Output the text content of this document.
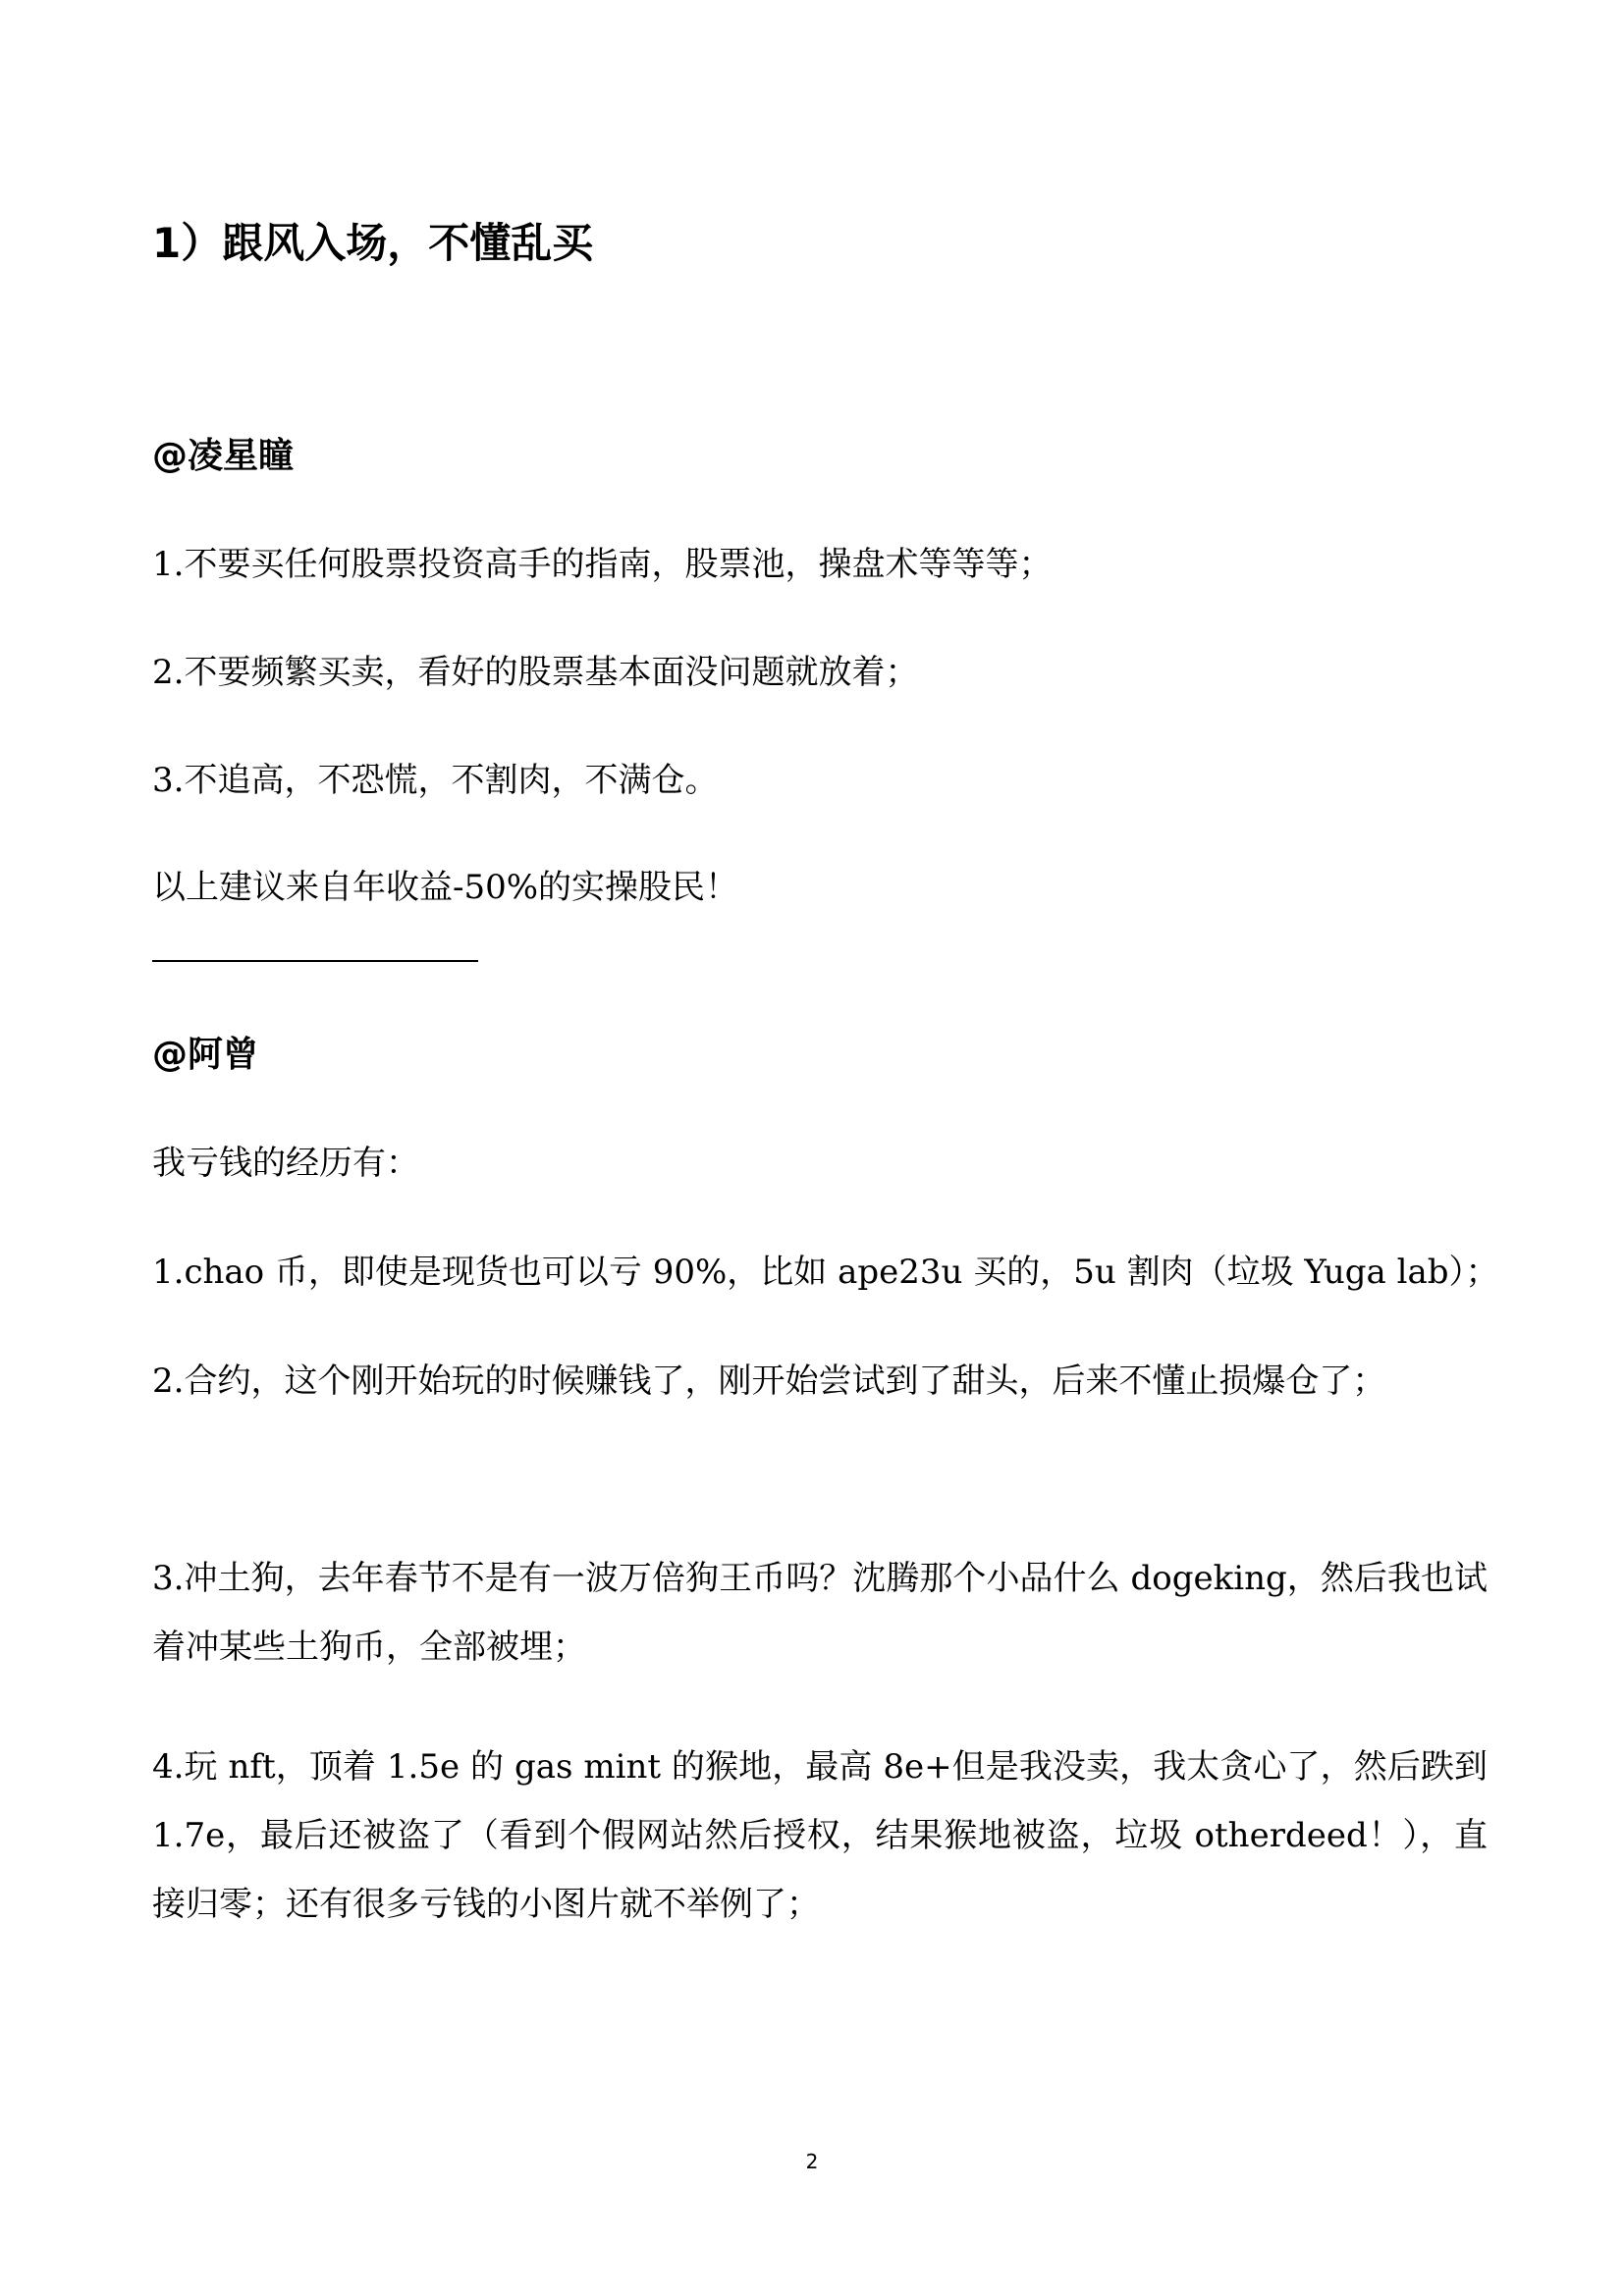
1）跟风入场，不懂乱买
@凌星瞳
1.不要买任何股票投资高手的指南，股票池，操盘术等等等；
2.不要频繁买卖，看好的股票基本面没问题就放着；
3.不追高，不恐慌，不割肉，不满仓。
以上建议来自年收益-50%的实操股民！
@阿曾
我亏钱的经历有：
1.chao 币，即使是现货也可以亏 90%，比如 ape23u 买的，5u 割肉（垃圾 Yuga lab）；
2.合约，这个刚开始玩的时候赚钱了，刚开始尝试到了甜头，后来不懂止损爆仓了；
3.冲土狗，去年春节不是有一波万倍狗王币吗？沈腾那个小品什么 dogeking，然后我也试着冲某些土狗币，全部被埋；
4.玩 nft，顶着 1.5e 的 gas mint 的猴地，最高 8e+但是我没卖，我太贪心了，然后跌到 1.7e，最后还被盗了（看到个假网站然后授权，结果猴地被盗，垃圾 otherdeed！），直接归零；还有很多亏钱的小图片就不举例了；
2
